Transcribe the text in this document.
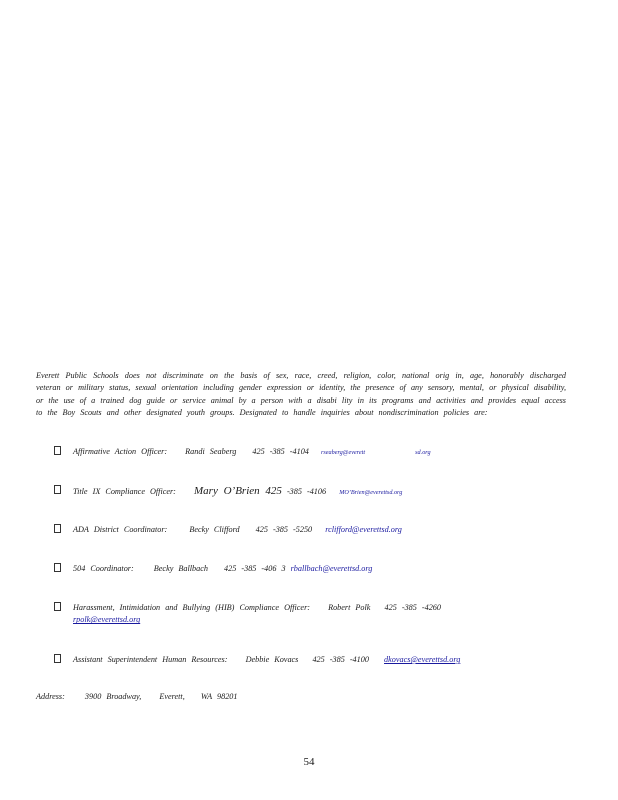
Everett Public Schools does not discriminate on the basis of sex, race, creed, religion, color, national orig in, age, honorably discharged veteran or military status, sexual orientation including gender expression or identity, the presence of any sensory, mental, or physical disability, or the use of a trained dog guide or service animal by a person with a disabi lity in its programs and activities and provides equal access to the Boy Scouts and other designated youth groups. Designated to handle inquiries about nondiscrimination policies are:

Affirmative Action Officer: Randi Seaberg 425 -385 -4104 rseaberg@everett	sd.org
Title IX Compliance Officer: Mary O’Brien 425 -385 -4106 MO’Brien@everettsd.org
ADA District Coordinator:	Becky Clifford 425 -385 -5250 rclifford@everettsd.org
504 Coordinator: Becky Ballbach 425 -385 -406 3 rballbach@everettsd.org
Harassment, Intimidation and Bullying (HIB) Compliance Officer: Robert Polk 425 -385 -4260
rpolk@everettsd.org
Assistant Superintendent Human Resources: Debbie Kovacs 425 -385 -4100 dkovacs@everettsd.org
Address: 3900 Broadway, Everett, WA 98201
54
